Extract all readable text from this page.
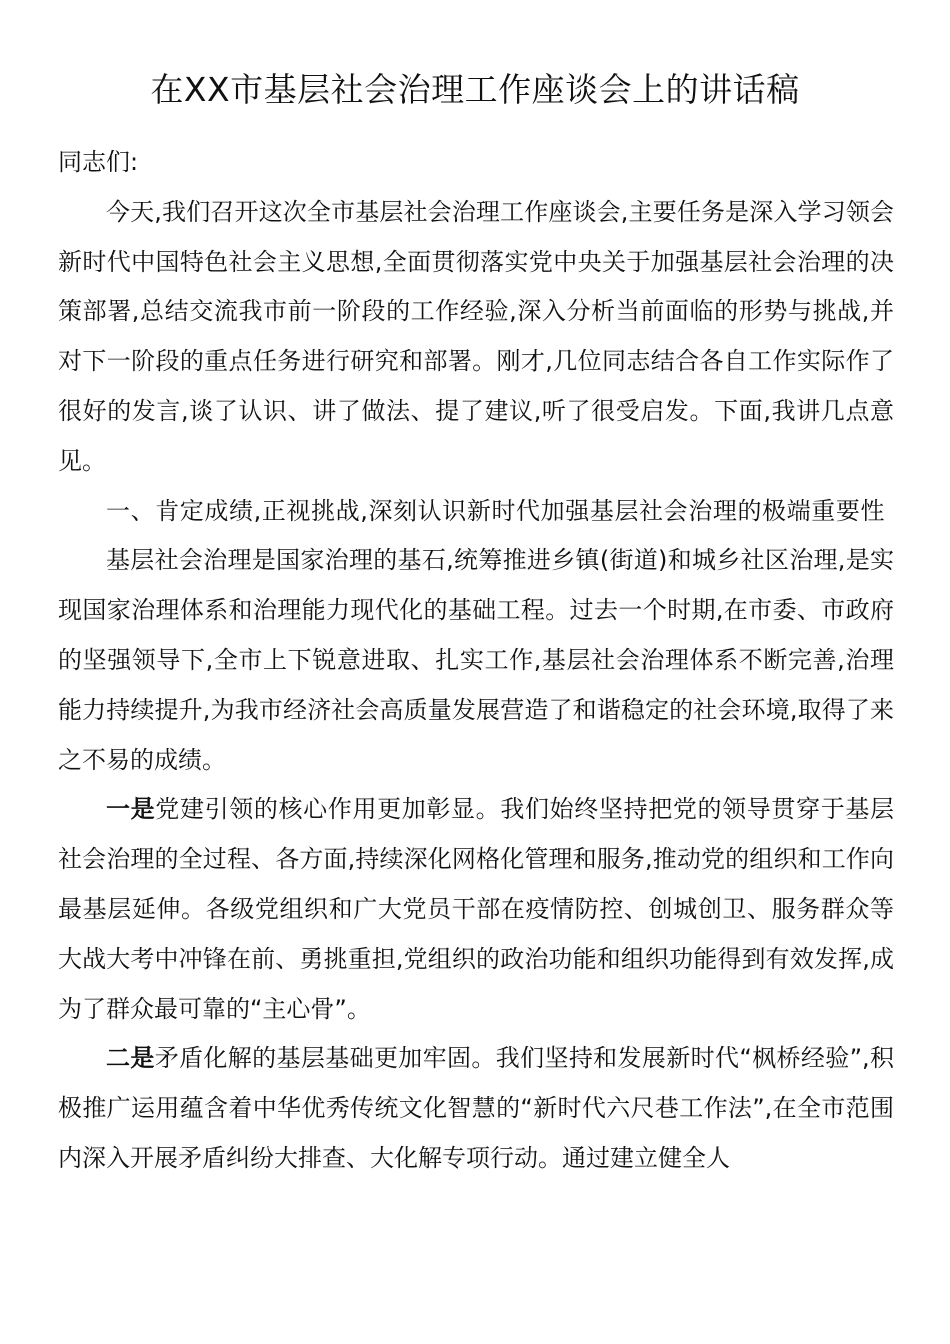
在XX市基层社会治理工作座谈会上的讲话稿

同志们:

今天,我们召开这次全市基层社会治理工作座谈会,主要任务是深入学习领会新时代中国特色社会主义思想,全面贯彻落实党中央关于加强基层社会治理的决策部署,总结交流我市前一阶段的工作经验,深入分析当前面临的形势与挑战,并对下一阶段的重点任务进行研究和部署。刚才,几位同志结合各自工作实际作了很好的发言,谈了认识、讲了做法、提了建议,听了很受启发。下面,我讲几点意见。

一、肯定成绩,正视挑战,深刻认识新时代加强基层社会治理的极端重要性

基层社会治理是国家治理的基石,统筹推进乡镇(街道)和城乡社区治理,是实现国家治理体系和治理能力现代化的基础工程。过去一个时期,在市委、市政府的坚强领导下,全市上下锐意进取、扎实工作,基层社会治理体系不断完善,治理能力持续提升,为我市经济社会高质量发展营造了和谐稳定的社会环境,取得了来之不易的成绩。

一是党建引领的核心作用更加彰显。我们始终坚持把党的领导贯穿于基层社会治理的全过程、各方面,持续深化网格化管理和服务,推动党的组织和工作向最基层延伸。各级党组织和广大党员干部在疫情防控、创城创卫、服务群众等大战大考中冲锋在前、勇挑重担,党组织的政治功能和组织功能得到有效发挥,成为了群众最可靠的“主心骨”。

二是矛盾化解的基层基础更加牢固。我们坚持和发展新时代“枫桥经验”,积极推广运用蕴含着中华优秀传统文化智慧的“新时代六尺巷工作法”,在全市范围内深入开展矛盾纠纷大排查、大化解专项行动。通过建立健全人
